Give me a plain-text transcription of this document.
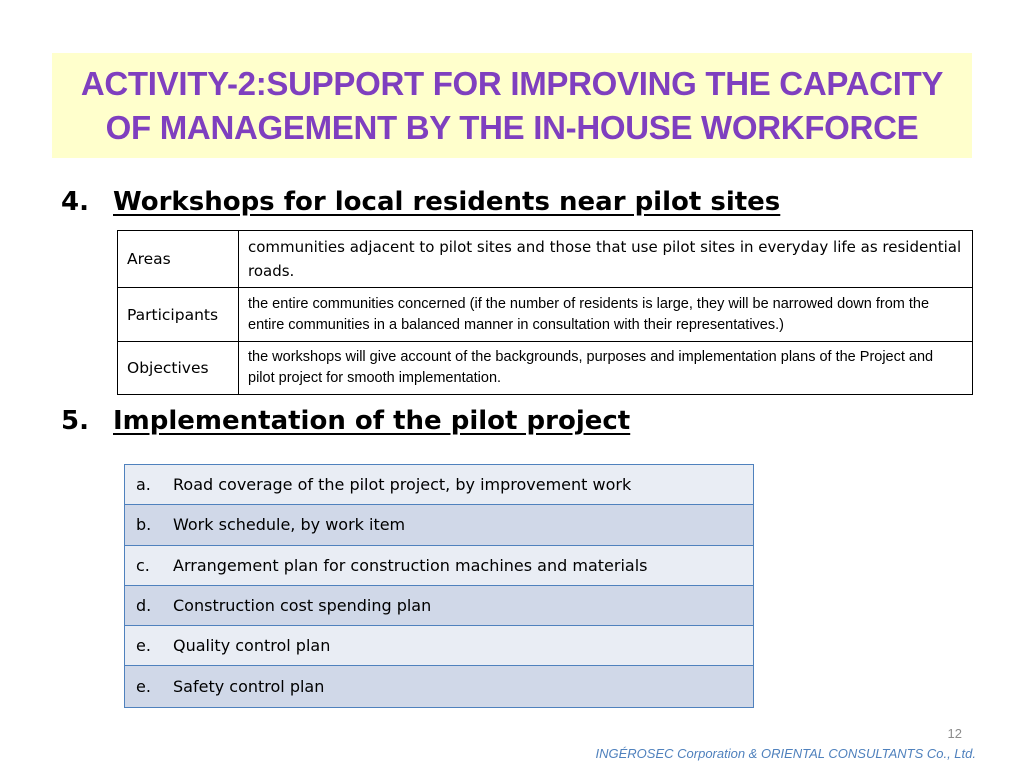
ACTIVITY-2:SUPPORT FOR IMPROVING THE CAPACITY
OF MANAGEMENT BY THE IN-HOUSE WORKFORCE
4. Workshops for local residents near pilot sites
Areas	communities adjacent to pilot sites and those that use pilot sites in everyday life as residential roads.
Participants	the entire communities concerned (if the number of residents is large, they will be narrowed down from the entire communities in a balanced manner in consultation with their representatives.)
Objectives	the workshops will give account of the backgrounds, purposes and implementation plans of the Project and pilot project for smooth implementation.
5. Implementation of the pilot project
a.	Road coverage of the pilot project, by improvement work
b.	Work schedule, by work item
c.	Arrangement plan for construction machines and materials
d.	Construction cost spending plan
e.	Quality control plan
e.	Safety control plan
12
INGÉROSEC Corporation & ORIENTAL CONSULTANTS Co., Ltd.
